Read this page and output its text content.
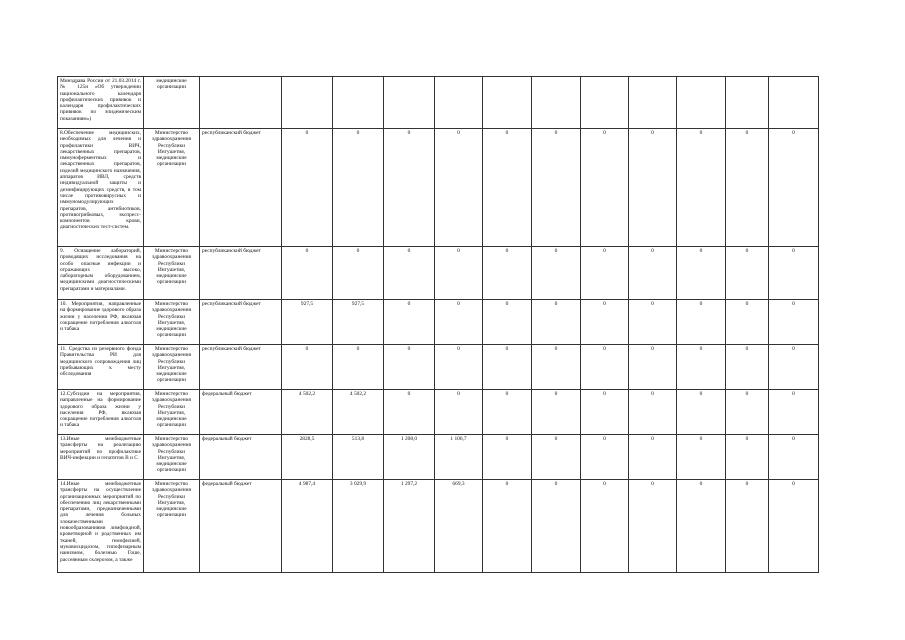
Минздрава России от 21.03.2014 г. № 125н «Об утверждении национального календаря профилактических прививок и календаря профилактических прививок по эпидемическим показаниям»)	медицинские организации												
8.Обеспечение медицинских, необходимых для лечения и профилактики ВИЧ, лекарственных препаратов, иммуноферментных и лекарственных препаратов, изделий медицинского назначения, аппаратов ИВЛ, средств индивидуальной защиты и дезинфицирующих средств, в том числе противовирусных и иммуномодулирующих препаратов, антибиотиков, противогрибковых, экспресс-компонентов крови, диагностических тест-систем.	Министерство здравоохранения Республики Ингушетия, медицинские организации	республиканский бюджет	0	0	0	0	0	0	0	0	0	0	0
9. Оснащение лабораторий, проводящих исследования на особо опасные инфекции и отражающих высоко, лабораторным оборудованием, медицинскими диагностическими препаратами и материалами.	Министерство здравоохранения Республики Ингушетия, медицинские организации	республиканский бюджет	0	0	0	0	0	0	0	0	0	0	0
10. Мероприятия, направленные на формирование здорового образа жизни у населения РФ, включая сокращение потребления алкоголя и табака	Министерство здравоохранения Республики Ингушетия, медицинские организации	республиканский бюджет	927,5	927,5	0	0	0	0	0	0	0	0	0
11. Средства из резервного фонда Правительства РИ для медицинского сопровождения лиц прибывающих к месту обследования	Министерство здравоохранения Республики Ингушетия, медицинские организации	республиканский бюджет	0	0	0	0	0	0	0	0	0	0	0
12.Субсидии на мероприятия, направленные на формирование здорового образа жизни у населения РФ, включая сокращение потребления алкоголя и табака	Министерство здравоохранения Республики Ингушетия, медицинские организации	федеральный бюджет	4 502,2	4 502,2	0	0	0	0	0	0	0	0	0
13.Иные межбюджетные трансферты на реализацию мероприятий по профилактике ВИЧ-инфекции и гепатитов В и С	Министерство здравоохранения Республики Ингушетия, медицинские организации	федеральный бюджет	2828,5	513,8	1 208,0	1 106,7	0	0	0	0	0	0	0
14.Иные межбюджетные трансферты на осуществление организационных мероприятий по обеспечению лиц лекарственными препаратами, предназначенными для лечения больных злокачественными новообразованиями лимфоидной, кроветворной и родственных им тканей, гемофилией, муковисцидозом, гипофизарным нанизмом, болезнью Гоше, рассеянным склерозом, а также	Министерство здравоохранения Республики Ингушетия, медицинские организации	федеральный бюджет	4 987,4	3 029,9	1 297,2	669,3	0	0	0	0	0	0	0
